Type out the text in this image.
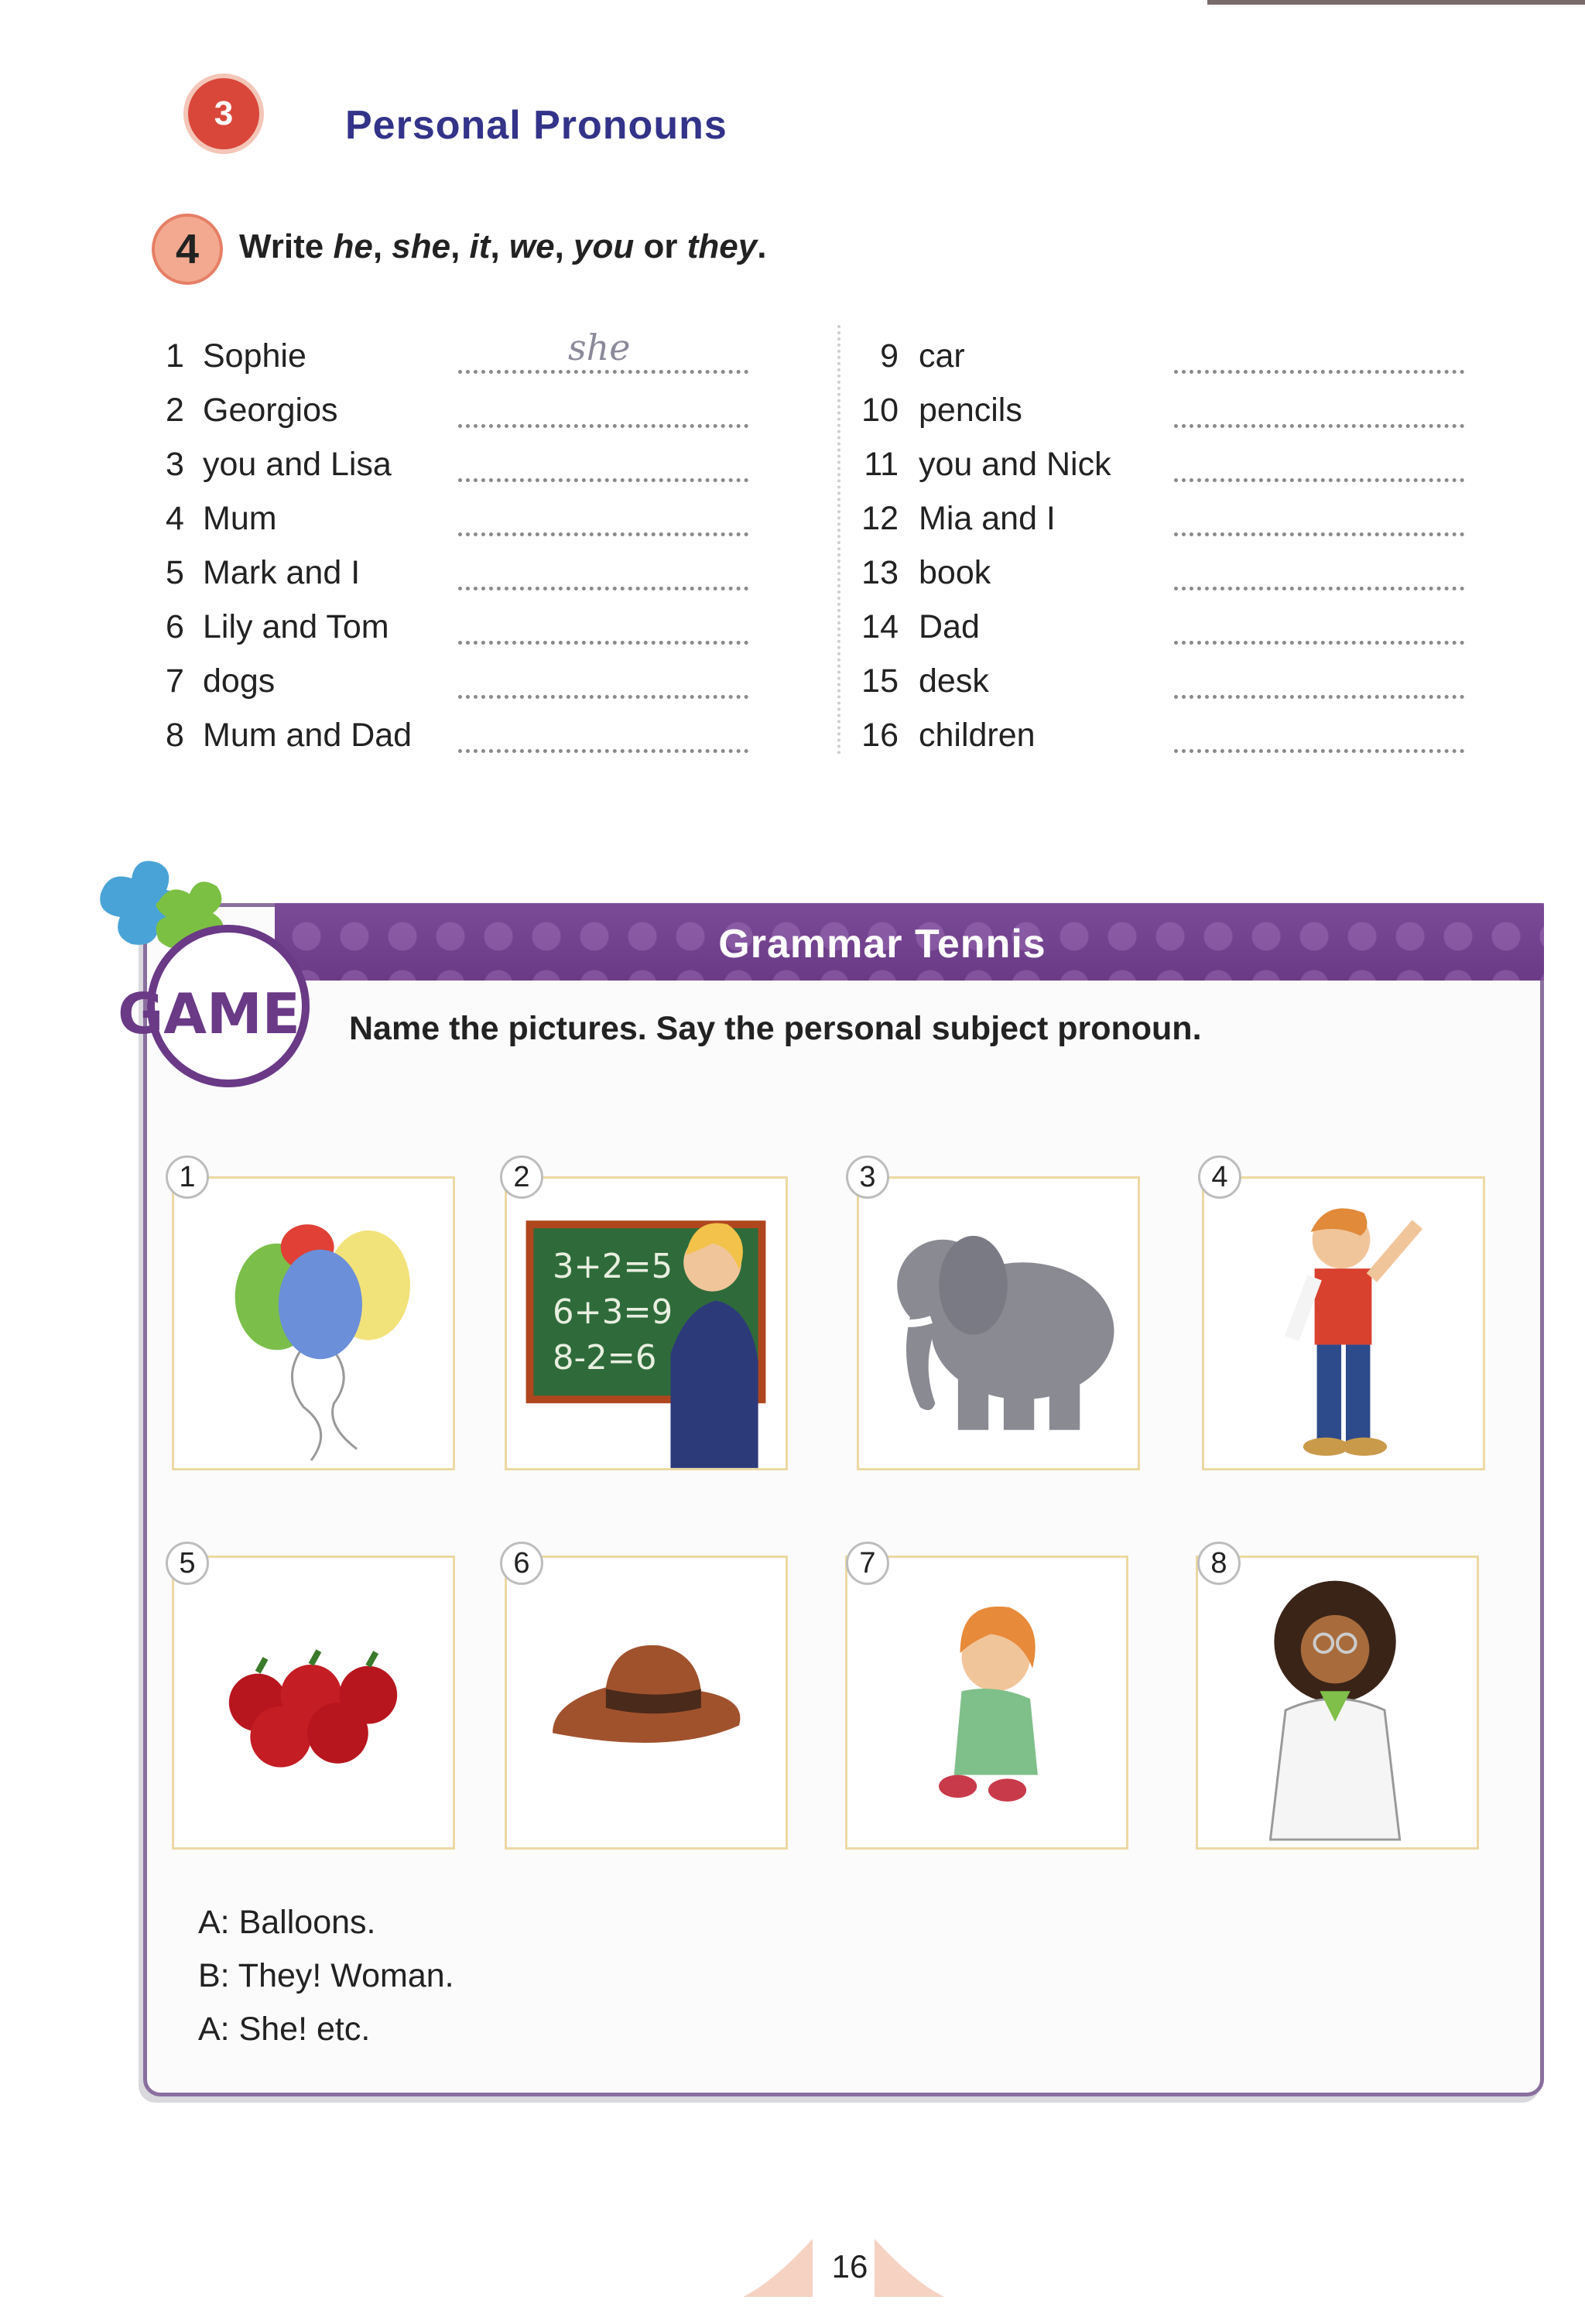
3	Personal Pronouns
4	Write he, she, it, we, you or they.
1 Sophie	she
2 Georgios
3 you and Lisa
4 Mum
5 Mark and I
6 Lily and Tom
7 dogs
8 Mum and Dad
9 car
10 pencils
11 you and Nick
12 Mia and I
13 book
14 Dad
15 desk
16 children
Grammar Tennis
GAME Name the pictures. Say the personal subject pronoun.
1
3+2=5
6+3=9
8-2=6
2	3	4
5	6	7	8
A: Balloons.
B: They! Woman.
A: She! etc.
16
